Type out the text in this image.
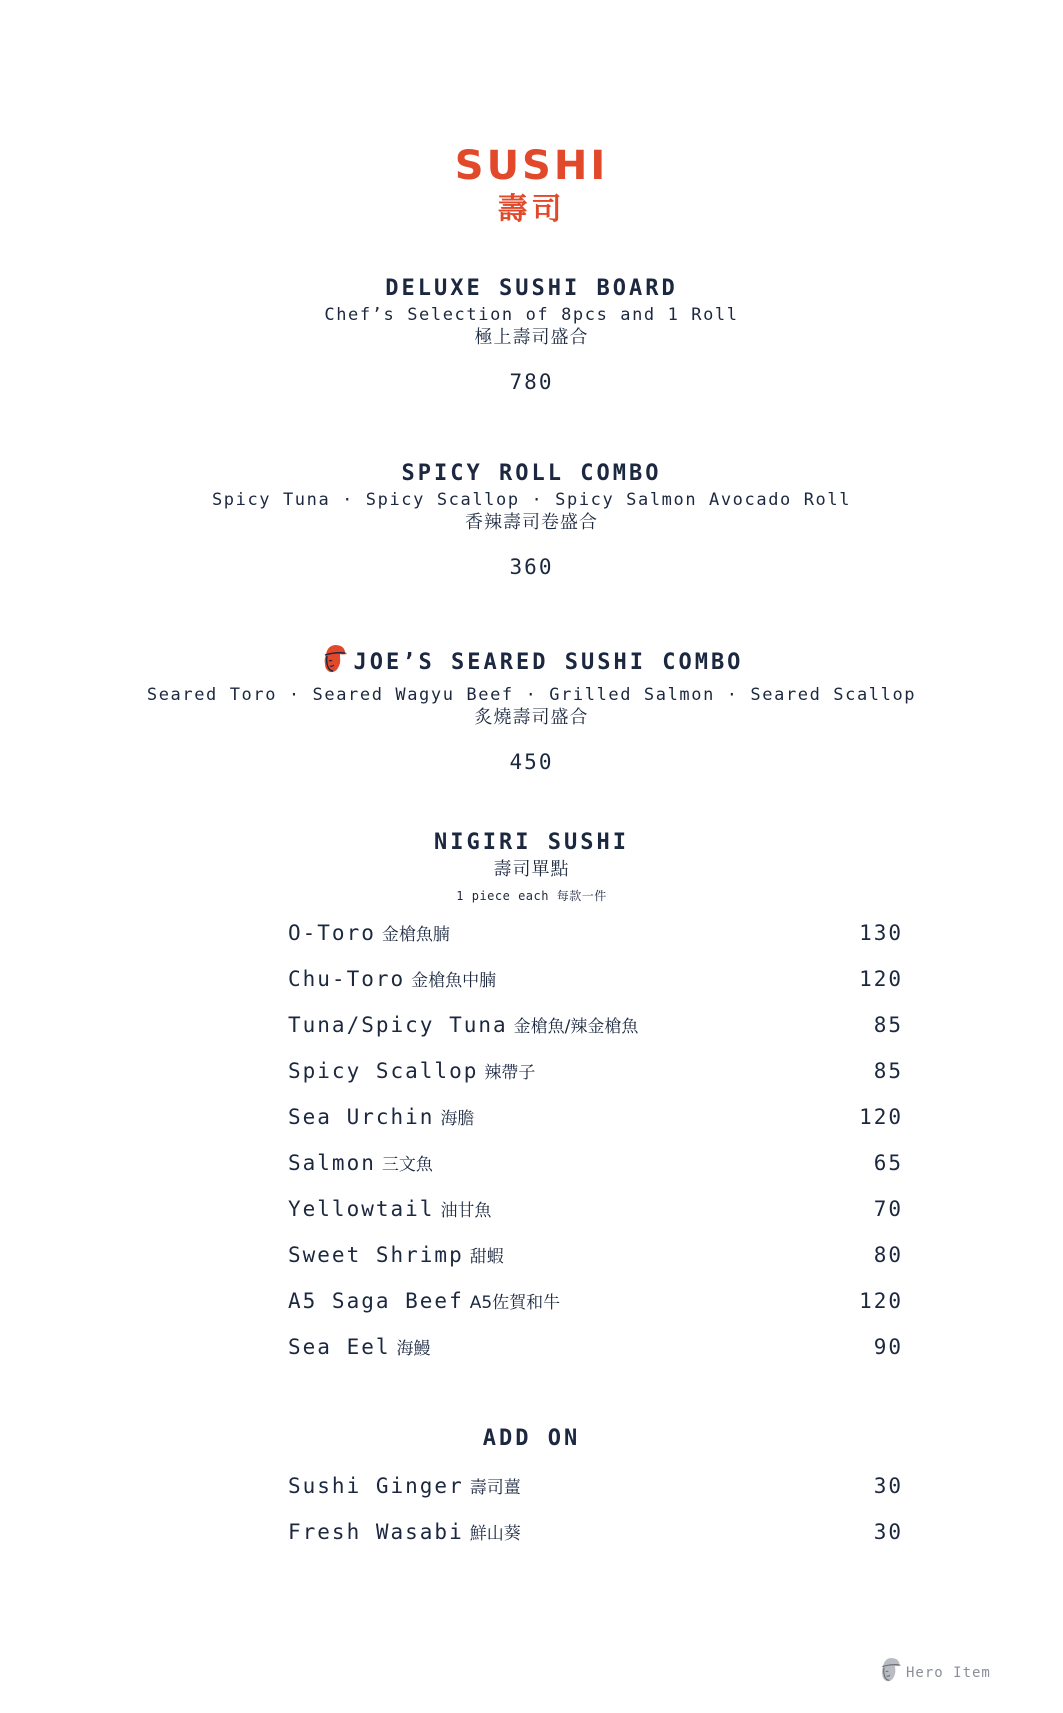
SUSHI
壽司
DELUXE SUSHI BOARD
Chef’s Selection of 8pcs and 1 Roll
極上壽司盛合
780
SPICY ROLL COMBO
Spicy Tuna · Spicy Scallop · Spicy Salmon Avocado Roll
香辣壽司卷盛合
360
JOE’S SEARED SUSHI COMBO
Seared Toro · Seared Wagyu Beef · Grilled Salmon · Seared Scallop
炙燒壽司盛合
450
NIGIRI SUSHI
壽司單點
1 piece each 每款一件
O-Toro 金槍魚腩	130
Chu-Toro 金槍魚中腩	120
Tuna/Spicy Tuna 金槍魚/辣金槍魚	85
Spicy Scallop 辣帶子	85
Sea Urchin 海膽	120
Salmon 三文魚	65
Yellowtail 油甘魚	70
Sweet Shrimp 甜蝦	80
A5 Saga Beef A5佐賀和牛	120
Sea Eel 海鰻	90
ADD ON
Sushi Ginger 壽司薑	30
Fresh Wasabi 鮮山葵	30
Hero Item
